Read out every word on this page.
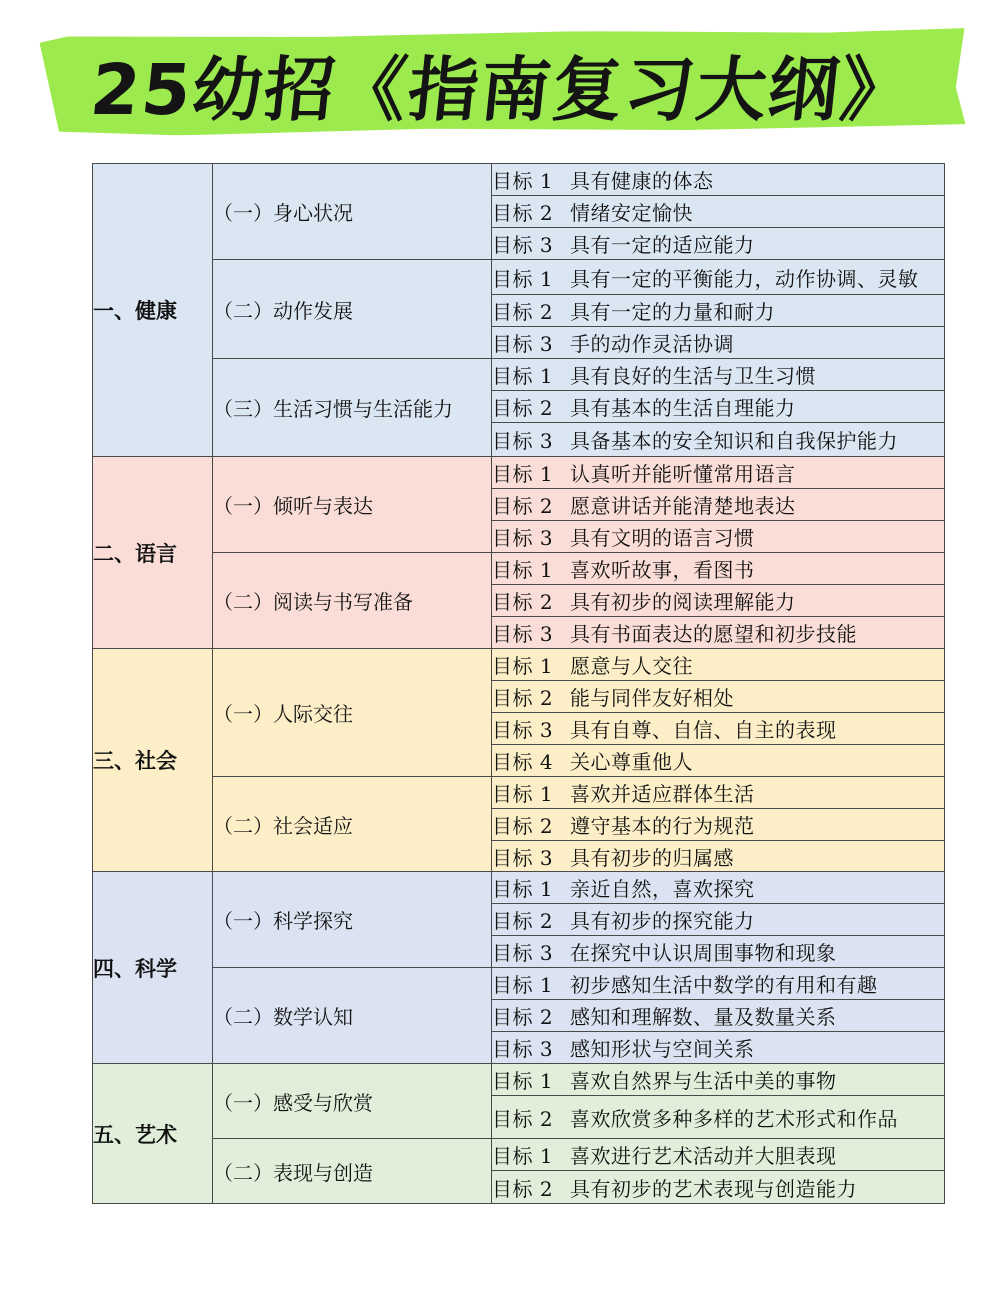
25幼招《指南复习大纲》
一、健康	（一）身心状况	目标 1 具有健康的体态
		目标 2 情绪安定愉快
		目标 3 具有一定的适应能力
	（二）动作发展	目标 1 具有一定的平衡能力，动作协调、灵敏
		目标 2 具有一定的力量和耐力
		目标 3 手的动作灵活协调
	（三）生活习惯与生活能力	目标 1 具有良好的生活与卫生习惯
		目标 2 具有基本的生活自理能力
		目标 3 具备基本的安全知识和自我保护能力
二、语言	（一）倾听与表达	目标 1 认真听并能听懂常用语言
		目标 2 愿意讲话并能清楚地表达
		目标 3 具有文明的语言习惯
	（二）阅读与书写准备	目标 1 喜欢听故事，看图书
		目标 2 具有初步的阅读理解能力
		目标 3 具有书面表达的愿望和初步技能
三、社会	（一）人际交往	目标 1 愿意与人交往
		目标 2 能与同伴友好相处
		目标 3 具有自尊、自信、自主的表现
		目标 4 关心尊重他人
	（二）社会适应	目标 1 喜欢并适应群体生活
		目标 2 遵守基本的行为规范
		目标 3 具有初步的归属感
四、科学	（一）科学探究	目标 1 亲近自然，喜欢探究
		目标 2 具有初步的探究能力
		目标 3 在探究中认识周围事物和现象
	（二）数学认知	目标 1 初步感知生活中数学的有用和有趣
		目标 2 感知和理解数、量及数量关系
		目标 3 感知形状与空间关系
五、艺术	（一）感受与欣赏	目标 1 喜欢自然界与生活中美的事物
		目标 2 喜欢欣赏多种多样的艺术形式和作品
	（二）表现与创造	目标 1 喜欢进行艺术活动并大胆表现
		目标 2 具有初步的艺术表现与创造能力
